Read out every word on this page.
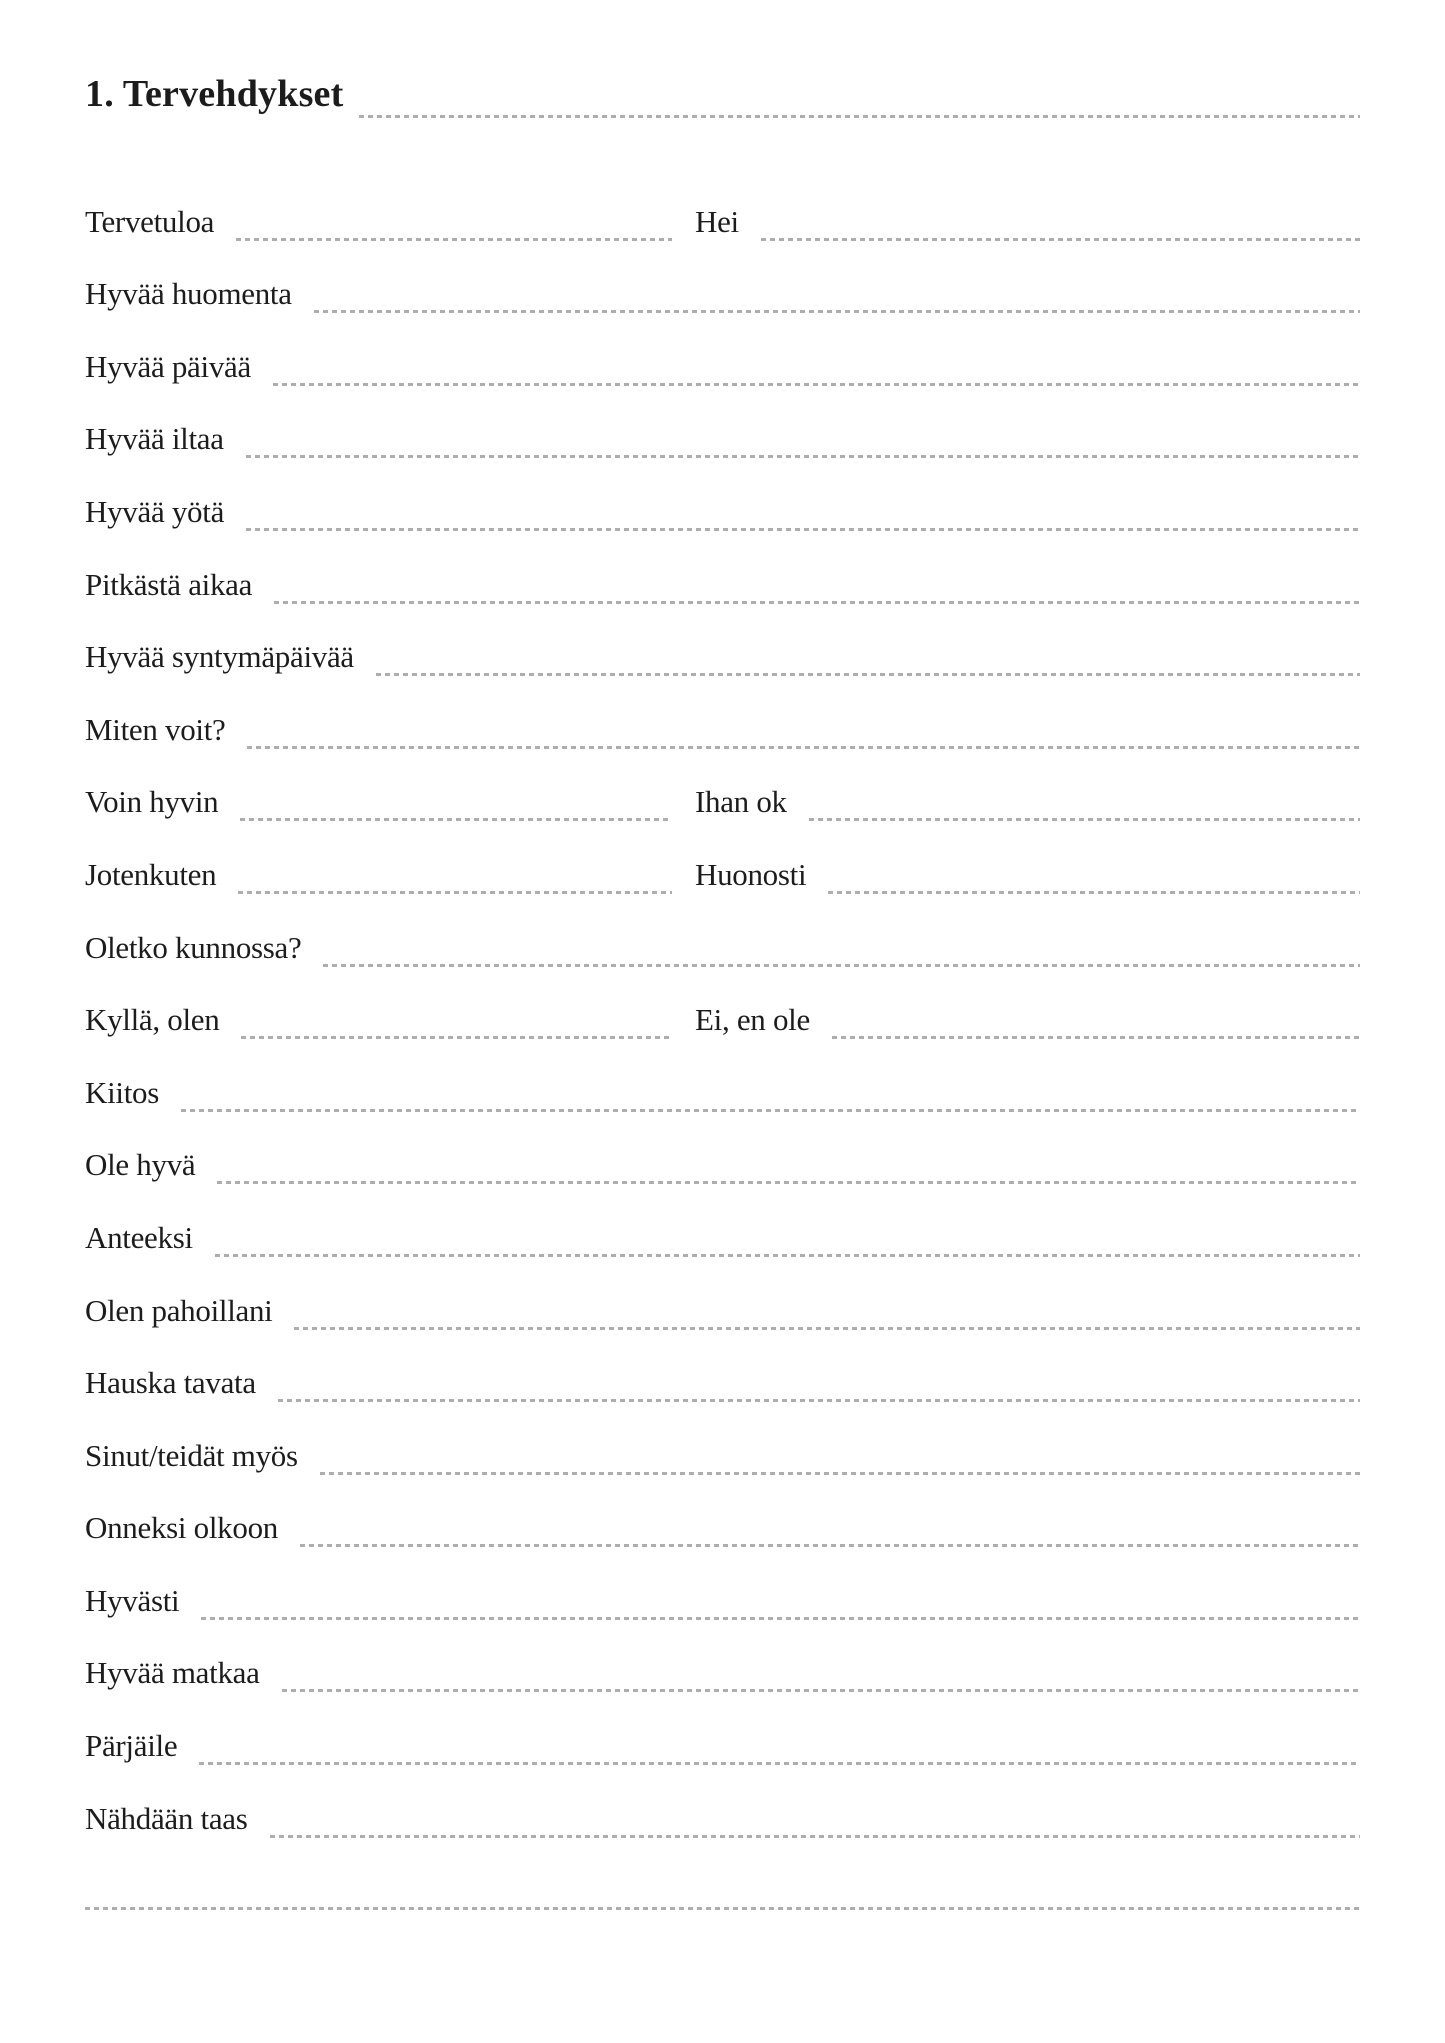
1. Tervehdykset
Tervetuloa	Hei
Hyvää huomenta
Hyvää päivää
Hyvää iltaa
Hyvää yötä
Pitkästä aikaa
Hyvää syntymäpäivää
Miten voit?
Voin hyvin	Ihan ok
Jotenkuten	Huonosti
Oletko kunnossa?
Kyllä, olen	Ei, en ole
Kiitos
Ole hyvä
Anteeksi
Olen pahoillani
Hauska tavata
Sinut/teidät myös
Onneksi olkoon
Hyvästi
Hyvää matkaa
Pärjäile
Nähdään taas
